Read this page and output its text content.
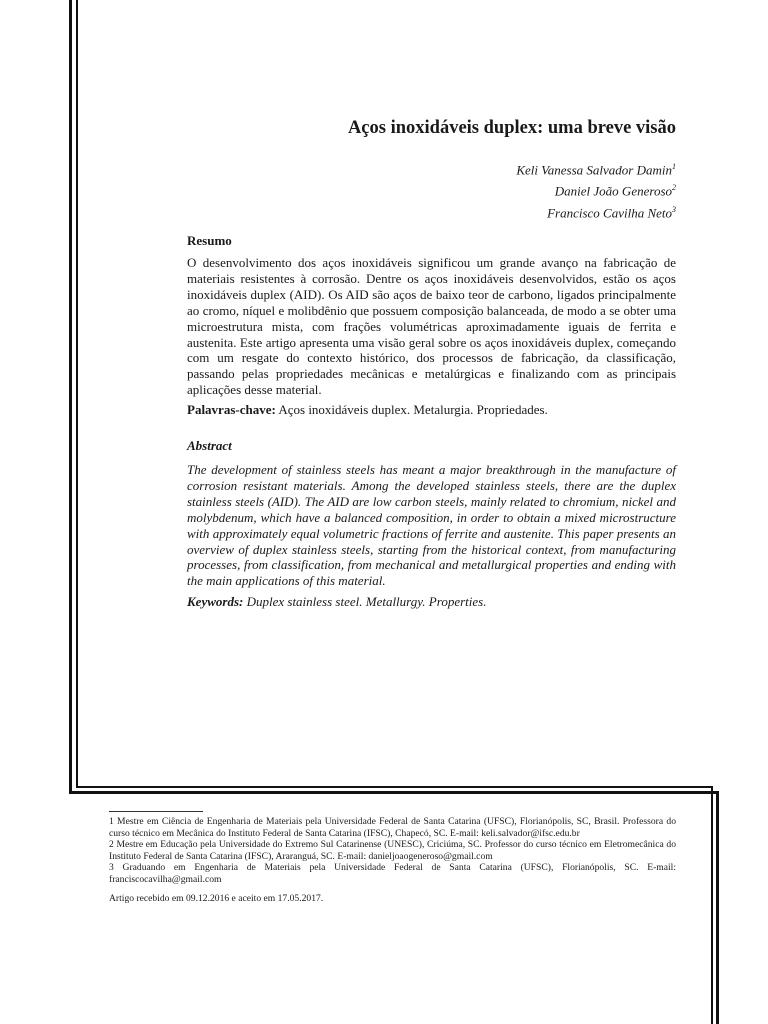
Aços inoxidáveis duplex: uma breve visão
Keli Vanessa Salvador Damin$^1$
Daniel João Generoso$^2$
Francisco Cavilha Neto$^3$

Resumo

O desenvolvimento dos aços inoxidáveis significou um grande avanço na fabricação de materiais resistentes à corrosão. Dentre os aços inoxidáveis desenvolvidos, estão os aços inoxidáveis duplex (AID). Os AID são aços de baixo teor de carbono, ligados principalmente ao cromo, níquel e molibdênio que possuem composição balanceada, de modo a se obter uma microestrutura mista, com frações volumétricas aproximadamente iguais de ferrita e austenita. Este artigo apresenta uma visão geral sobre os aços inoxidáveis duplex, começando com um resgate do contexto histórico, dos processos de fabricação, da classificação, passando pelas propriedades mecânicas e metalúrgicas e finalizando com as principais aplicações desse material.

Palavras-chave: Aços inoxidáveis duplex. Metalurgia. Propriedades.

Abstract

The development of stainless steels has meant a major breakthrough in the manufacture of corrosion resistant materials. Among the developed stainless steels, there are the duplex stainless steels (AID). The AID are low carbon steels, mainly related to chromium, nickel and molybdenum, which have a balanced composition, in order to obtain a mixed microstructure with approximately equal volumetric fractions of ferrite and austenite. This paper presents an overview of duplex stainless steels, starting from the historical context, from manufacturing processes, from classification, from mechanical and metallurgical properties and ending with the main applications of this material.

Keywords: Duplex stainless steel. Metallurgy. Properties.

1 Mestre em Ciência de Engenharia de Materiais pela Universidade Federal de Santa Catarina (UFSC), Florianópolis, SC, Brasil. Professora do curso técnico em Mecânica do Instituto Federal de Santa Catarina (IFSC), Chapecó, SC. E-mail: keli.salvador@ifsc.edu.br

2 Mestre em Educação pela Universidade do Extremo Sul Catarinense (UNESC), Criciúma, SC. Professor do curso técnico em Eletromecânica do Instituto Federal de Santa Catarina (IFSC), Araranguá, SC. E-mail: danieljoaogeneroso@gmail.com

3 Graduando em Engenharia de Materiais pela Universidade Federal de Santa Catarina (UFSC), Florianópolis, SC. E-mail: franciscocavilha@gmail.com

Artigo recebido em 09.12.2016 e aceito em 17.05.2017.
